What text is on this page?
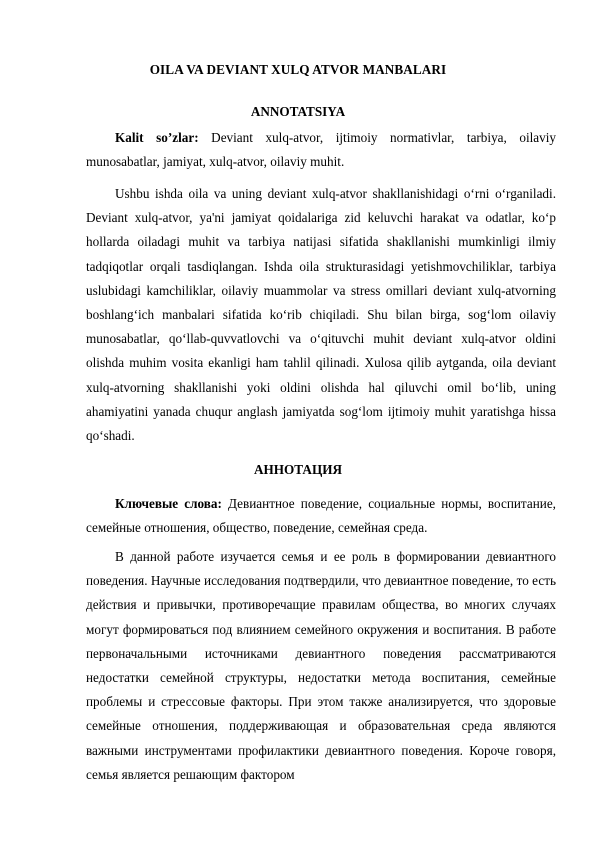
OILA VA DEVIANT XULQ ATVOR MANBALARI
ANNOTATSIYA

Kalit so’zlar: Deviant xulq-atvor, ijtimoiy normativlar, tarbiya, oilaviy munosabatlar, jamiyat, xulq-atvor, oilaviy muhit.

Ushbu ishda oila va uning deviant xulq-atvor shakllanishidagi o‘rni o‘rganiladi. Deviant xulq-atvor, ya'ni jamiyat qoidalariga zid keluvchi harakat va odatlar, ko‘p hollarda oiladagi muhit va tarbiya natijasi sifatida shakllanishi mumkinligi ilmiy tadqiqotlar orqali tasdiqlangan. Ishda oila strukturasidagi yetishmovchiliklar, tarbiya uslubidagi kamchiliklar, oilaviy muammolar va stress omillari deviant xulq-atvorning boshlang‘ich manbalari sifatida ko‘rib chiqiladi. Shu bilan birga, sog‘lom oilaviy munosabatlar, qo‘llab-quvvatlovchi va o‘qituvchi muhit deviant xulq-atvor oldini olishda muhim vosita ekanligi ham tahlil qilinadi. Xulosa qilib aytganda, oila deviant xulq-atvorning shakllanishi yoki oldini olishda hal qiluvchi omil bo‘lib, uning ahamiyatini yanada chuqur anglash jamiyatda sog‘lom ijtimoiy muhit yaratishga hissa qo‘shadi.

АННОТАЦИЯ

Ключевые слова: Девиантное поведение, социальные нормы, воспитание, семейные отношения, общество, поведение, семейная среда.

В данной работе изучается семья и ее роль в формировании девиантного поведения. Научные исследования подтвердили, что девиантное поведение, то есть действия и привычки, противоречащие правилам общества, во многих случаях могут формироваться под влиянием семейного окружения и воспитания. В работе первоначальными источниками девиантного поведения рассматриваются недостатки семейной структуры, недостатки метода воспитания, семейные проблемы и стрессовые факторы. При этом также анализируется, что здоровые семейные отношения, поддерживающая и образовательная среда являются важными инструментами профилактики девиантного поведения. Короче говоря, семья является решающим фактором
